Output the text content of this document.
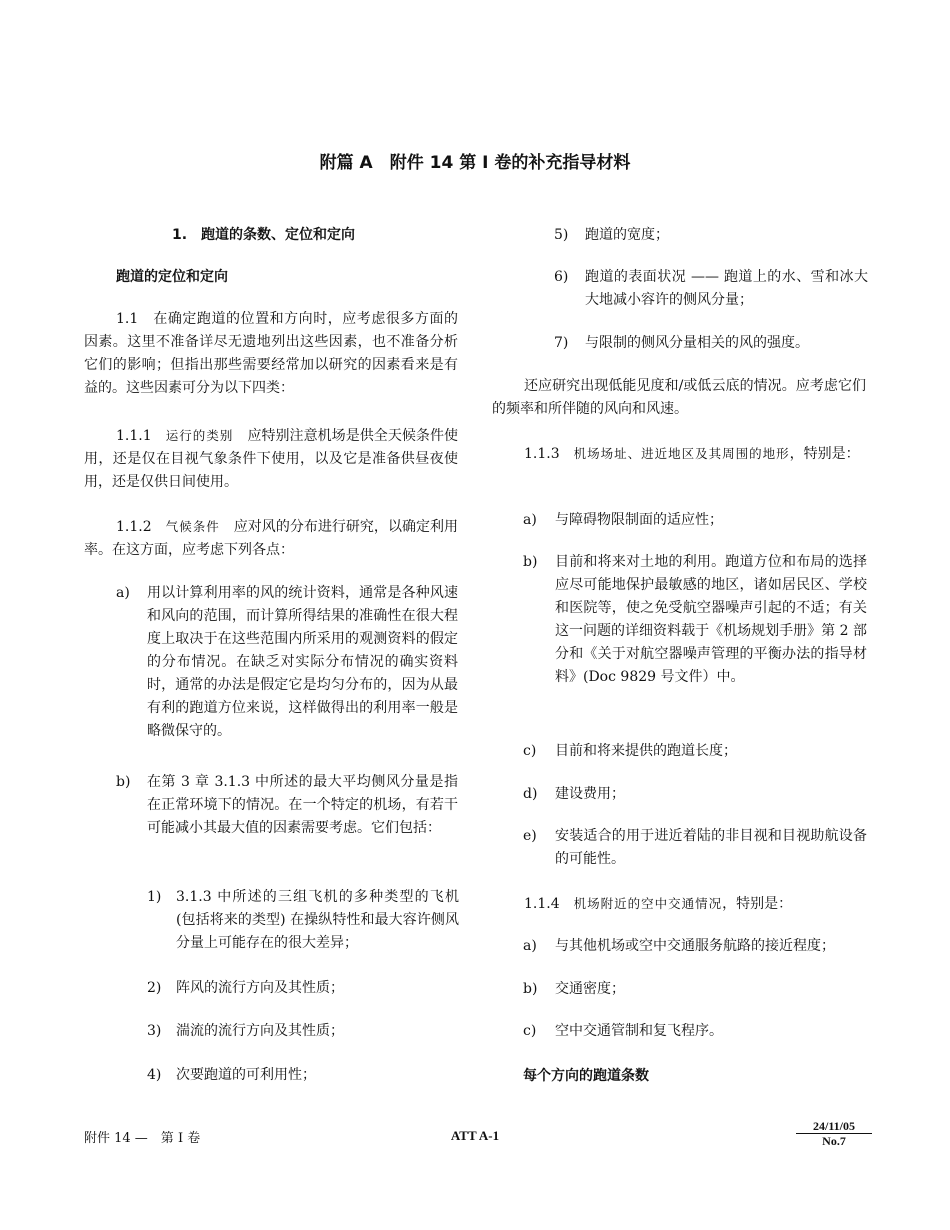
附篇 A　附件 14 第 I 卷的补充指导材料
1.　跑道的条数、定位和定向
跑道的定位和定向
1.1　在确定跑道的位置和方向时，应考虑很多方面的因素。这里不准备详尽无遗地列出这些因素，也不准备分析它们的影响；但指出那些需要经常加以研究的因素看来是有益的。这些因素可分为以下四类：
1.1.1　 运行的类别　应特别注意机场是供全天候条件使用，还是仅在目视气象条件下使用，以及它是准备供昼夜使用，还是仅供日间使用。
1.1.2　 气候条件　应对风的分布进行研究，以确定利用率。在这方面，应考虑下列各点：
a) 用以计算利用率的风的统计资料，通常是各种风速和风向的范围，而计算所得结果的准确性在很大程度上取决于在这些范围内所采用的观测资料的假定的分布情况。在缺乏对实际分布情况的确实资料时，通常的办法是假定它是均匀分布的，因为从最有利的跑道方位来说，这样做得出的利用率一般是略微保守的。
b) 在第 3 章 3.1.3 中所述的最大平均侧风分量是指在正常环境下的情况。在一个特定的机场，有若干可能减小其最大值的因素需要考虑。它们包括：
1) 3.1.3 中所述的三组飞机的多种类型的飞机 (包括将来的类型) 在操纵特性和最大容许侧风分量上可能存在的很大差异；
2) 阵风的流行方向及其性质；
3) 湍流的流行方向及其性质；
4) 次要跑道的可利用性；
5) 跑道的宽度；
6) 跑道的表面状况 —— 跑道上的水、雪和冰大大地减小容许的侧风分量；
7) 与限制的侧风分量相关的风的强度。
还应研究出现低能见度和/或低云底的情况。应考虑它们的频率和所伴随的风向和风速。
1.1.3　 机场场址、进近地区及其周围的地形，特别是：
a) 与障碍物限制面的适应性；
b) 目前和将来对土地的利用。跑道方位和布局的选择应尽可能地保护最敏感的地区，诸如居民区、学校和医院等，使之免受航空器噪声引起的不适；有关这一问题的详细资料载于《机场规划手册》第 2 部分和《关于对航空器噪声管理的平衡办法的指导材料》(Doc 9829 号文件）中。
c) 目前和将来提供的跑道长度；
d) 建设费用；
e) 安装适合的用于进近着陆的非目视和目视助航设备的可能性。
1.1.4　 机场附近的空中交通情况，特别是：
a) 与其他机场或空中交通服务航路的接近程度；
b) 交通密度；
c) 空中交通管制和复飞程序。
每个方向的跑道条数
附件 14 —　第 I 卷	ATT A-1
24/11/05
No.7
